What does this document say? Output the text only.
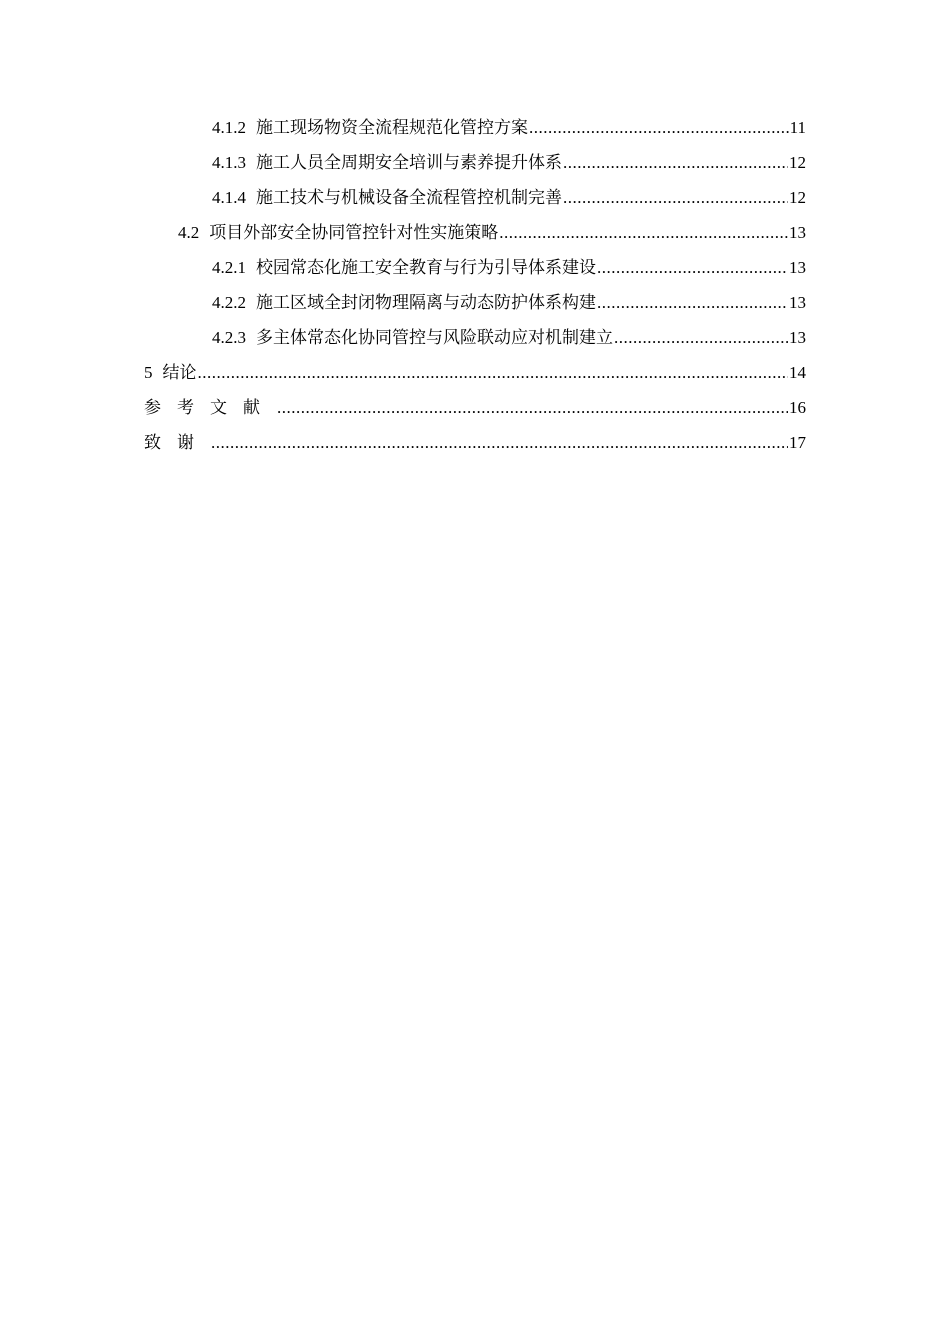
4.1.2 施工现场物资全流程规范化管控方案 .....	11
4.1.3 施工人员全周期安全培训与素养提升体系 .....	12
4.1.4 施工技术与机械设备全流程管控机制完善 .....	12
4.2 项目外部安全协同管控针对性实施策略 .....	13
4.2.1 校园常态化施工安全教育与行为引导体系建设 .....	13
4.2.2 施工区域全封闭物理隔离与动态防护体系构建 .....	13
4.2.3 多主体常态化协同管控与风险联动应对机制建立 .....	13
5 结论 .....	14
参考文献 .....	16
致谢 .....	17
